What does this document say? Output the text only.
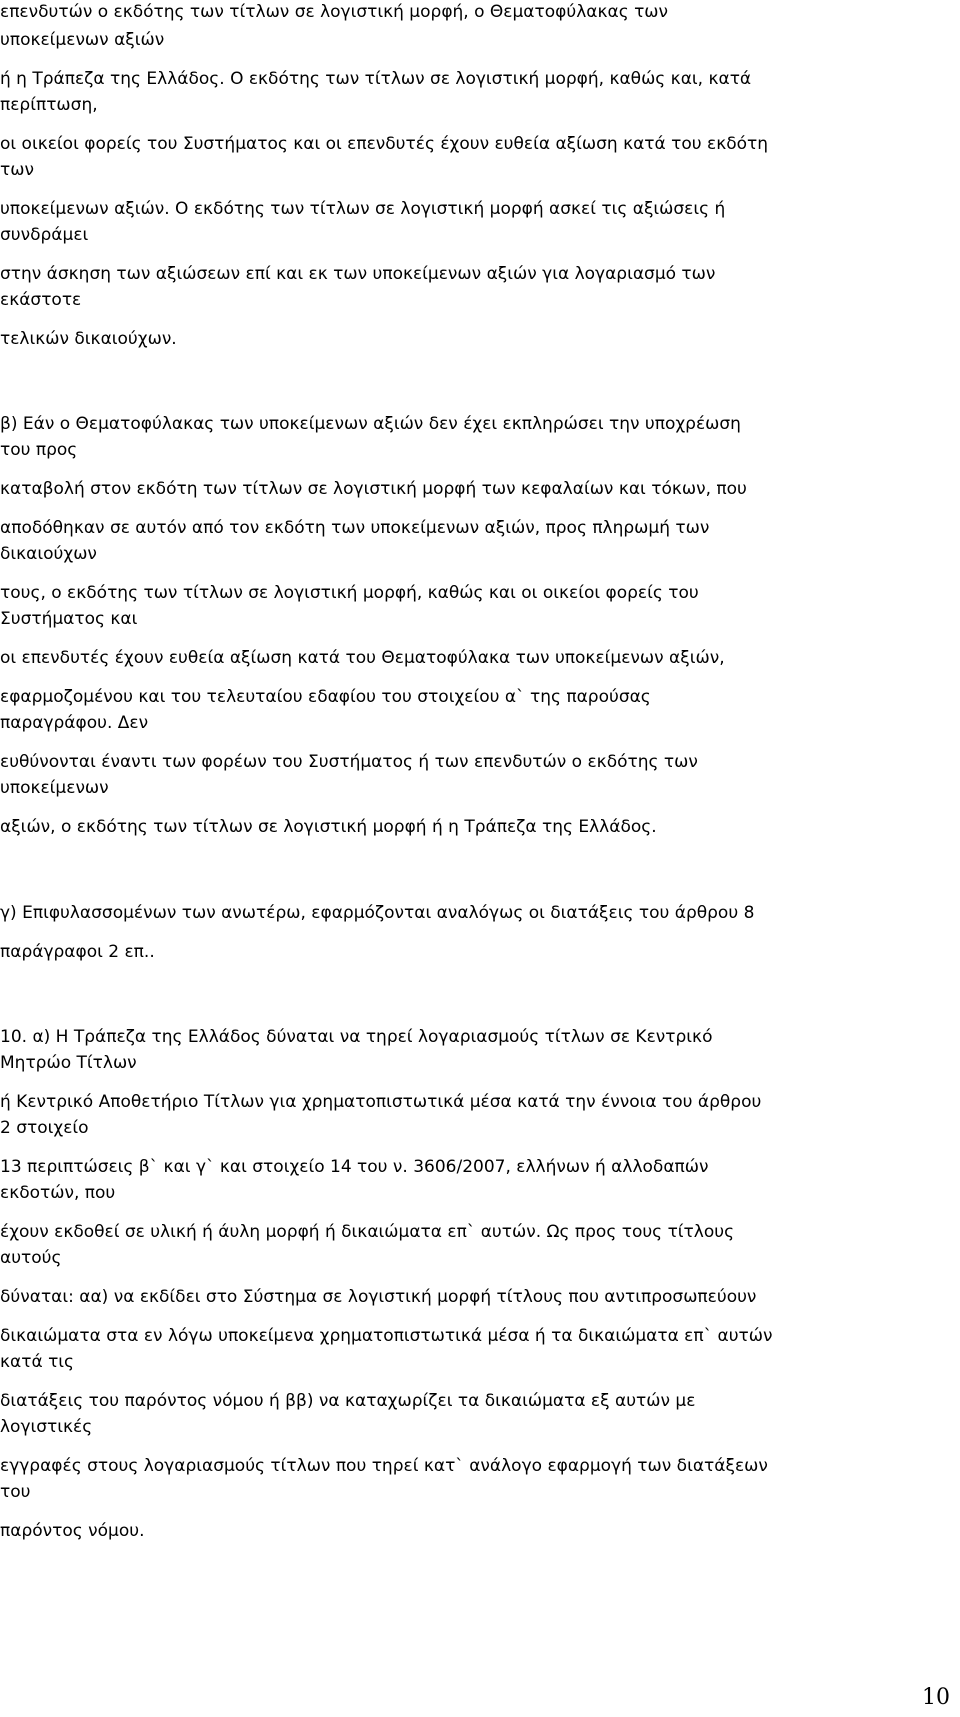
επενδυτών ο εκδότης των τίτλων σε λογιστική μορφή, ο Θεματοφύλακας των

υποκείμενων αξιών

ή η Τράπεζα της Ελλάδος. Ο εκδότης των τίτλων σε λογιστική μορφή, καθώς και, κατά

περίπτωση,

οι οικείοι φορείς του Συστήματος και οι επενδυτές έχουν ευθεία αξίωση κατά του εκδότη

των

υποκείμενων αξιών. Ο εκδότης των τίτλων σε λογιστική μορφή ασκεί τις αξιώσεις ή

συνδράμει

στην άσκηση των αξιώσεων επί και εκ των υποκείμενων αξιών για λογαριασμό των

εκάστοτε

τελικών δικαιούχων.

β) Εάν ο Θεματοφύλακας των υποκείμενων αξιών δεν έχει εκπληρώσει την υποχρέωση

του προς

καταβολή στον εκδότη των τίτλων σε λογιστική μορφή των κεφαλαίων και τόκων, που

αποδόθηκαν σε αυτόν από τον εκδότη των υποκείμενων αξιών, προς πληρωμή των

δικαιούχων

τους, ο εκδότης των τίτλων σε λογιστική μορφή, καθώς και οι οικείοι φορείς του

Συστήματος και

οι επενδυτές έχουν ευθεία αξίωση κατά του Θεματοφύλακα των υποκείμενων αξιών,

εφαρμοζομένου και του τελευταίου εδαφίου του στοιχείου α` της παρούσας

παραγράφου. Δεν

ευθύνονται έναντι των φορέων του Συστήματος ή των επενδυτών ο εκδότης των

υποκείμενων

αξιών, ο εκδότης των τίτλων σε λογιστική μορφή ή η Τράπεζα της Ελλάδος.

γ) Επιφυλασσομένων των ανωτέρω, εφαρμόζονται αναλόγως οι διατάξεις του άρθρου 8

παράγραφοι 2 επ..

10. α) Η Τράπεζα της Ελλάδος δύναται να τηρεί λογαριασμούς τίτλων σε Κεντρικό

Μητρώο Τίτλων

ή Κεντρικό Αποθετήριο Τίτλων για χρηματοπιστωτικά μέσα κατά την έννοια του άρθρου

2 στοιχείο

13 περιπτώσεις β` και γ` και στοιχείο 14 του ν. 3606/2007, ελλήνων ή αλλοδαπών

εκδοτών, που

έχουν εκδοθεί σε υλική ή άυλη μορφή ή δικαιώματα επ` αυτών. Ως προς τους τίτλους

αυτούς

δύναται: αα) να εκδίδει στο Σύστημα σε λογιστική μορφή τίτλους που αντιπροσωπεύουν

δικαιώματα στα εν λόγω υποκείμενα χρηματοπιστωτικά μέσα ή τα δικαιώματα επ` αυτών

κατά τις

διατάξεις του παρόντος νόμου ή ββ) να καταχωρίζει τα δικαιώματα εξ αυτών με

λογιστικές

εγγραφές στους λογαριασμούς τίτλων που τηρεί κατ` ανάλογο εφαρμογή των διατάξεων

του

παρόντος νόμου.

10
